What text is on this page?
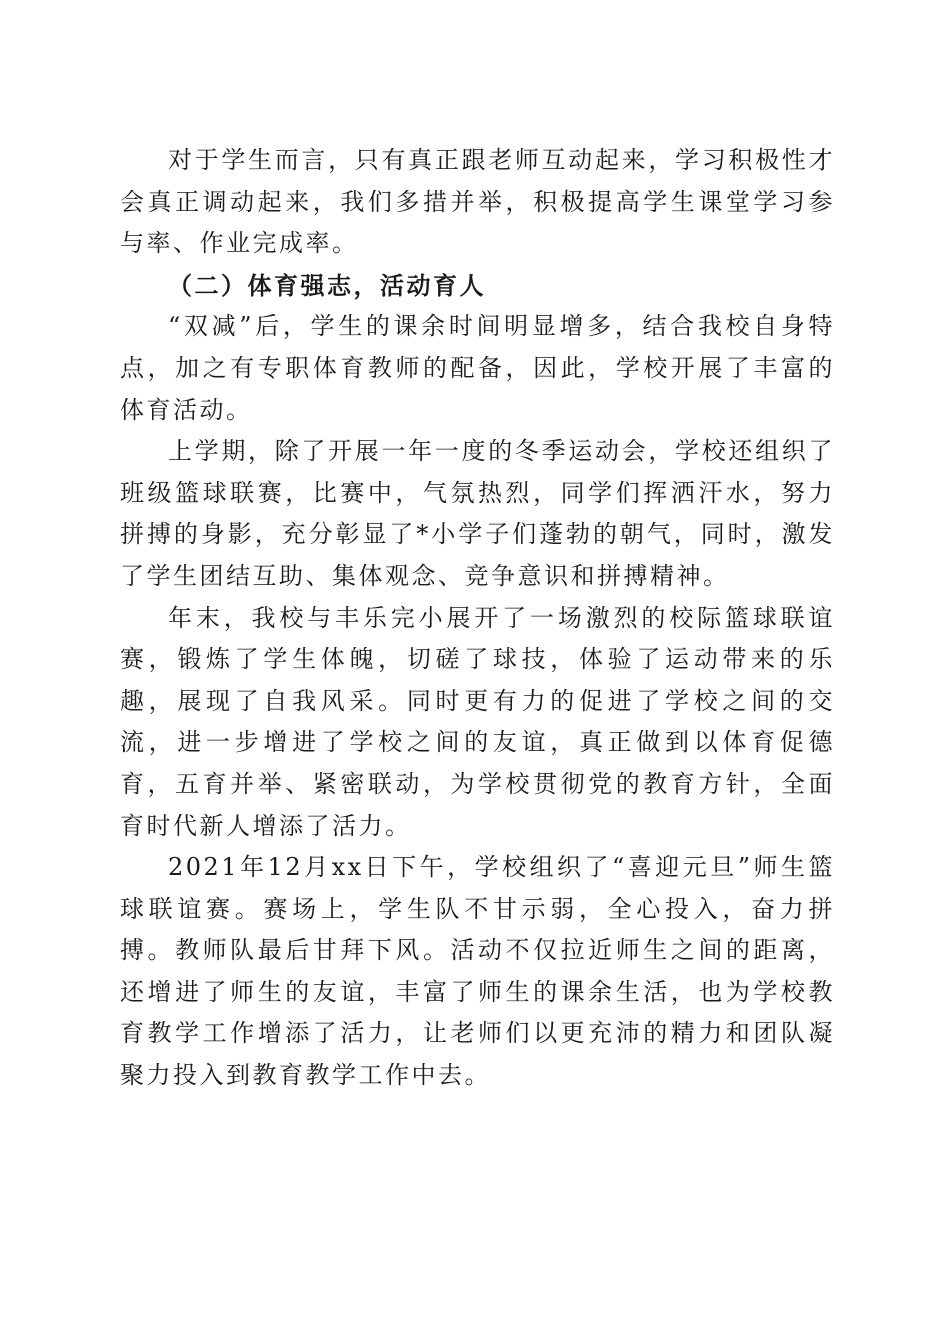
对于学生而言，只有真正跟老师互动起来，学习积极性才会真正调动起来，我们多措并举，积极提高学生课堂学习参与率、作业完成率。

（二）体育强志，活动育人

“双减”后，学生的课余时间明显增多，结合我校自身特点，加之有专职体育教师的配备，因此，学校开展了丰富的体育活动。

上学期，除了开展一年一度的冬季运动会，学校还组织了班级篮球联赛，比赛中，气氛热烈，同学们挥洒汗水，努力拼搏的身影，充分彰显了*小学子们蓬勃的朝气，同时，激发了学生团结互助、集体观念、竞争意识和拼搏精神。

年末，我校与丰乐完小展开了一场激烈的校际篮球联谊赛，锻炼了学生体魄，切磋了球技，体验了运动带来的乐趣，展现了自我风采。同时更有力的促进了学校之间的交流，进一步增进了学校之间的友谊，真正做到以体育促德育，五育并举、紧密联动，为学校贯彻党的教育方针，全面育时代新人增添了活力。

2021年12月xx日下午，学校组织了“喜迎元旦”师生篮球联谊赛。赛场上，学生队不甘示弱，全心投入，奋力拼搏。教师队最后甘拜下风。活动不仅拉近师生之间的距离，还增进了师生的友谊，丰富了师生的课余生活，也为学校教育教学工作增添了活力，让老师们以更充沛的精力和团队凝聚力投入到教育教学工作中去。
